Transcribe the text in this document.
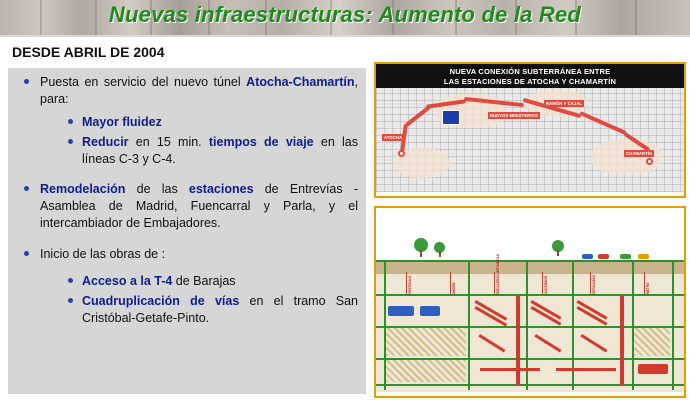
Nuevas infraestructuras: Aumento de la Red
DESDE ABRIL DE 2004
Puesta en servicio del nuevo túnel Atocha-Chamartín, para:
Mayor fluidez
Reducir en 15 min. tiempos de viaje en las líneas C-3 y C-4.
Remodelación de las estaciones de Entrevías - Asamblea de Madrid, Fuencarral y Parla, y el intercambiador de Embajadores.
Inicio de las obras de :
Acceso a la T-4 de Barajas
Cuadruplicación de vías en el tramo San Cristóbal-Getafe-Pinto.
NUEVA CONEXIÓN SUBTERRÁNEA ENTRE
LAS ESTACIONES DE ATOCHA Y CHAMARTÍN
ATOCHA
NUEVOS MINISTERIOS
RAMÓN Y CAJAL
CHAMARTÍN
VESTÍBULO	ANDÉN	ESCALERAS MECÁNICAS	ASCENSOR	CERCANÍAS	METRO
